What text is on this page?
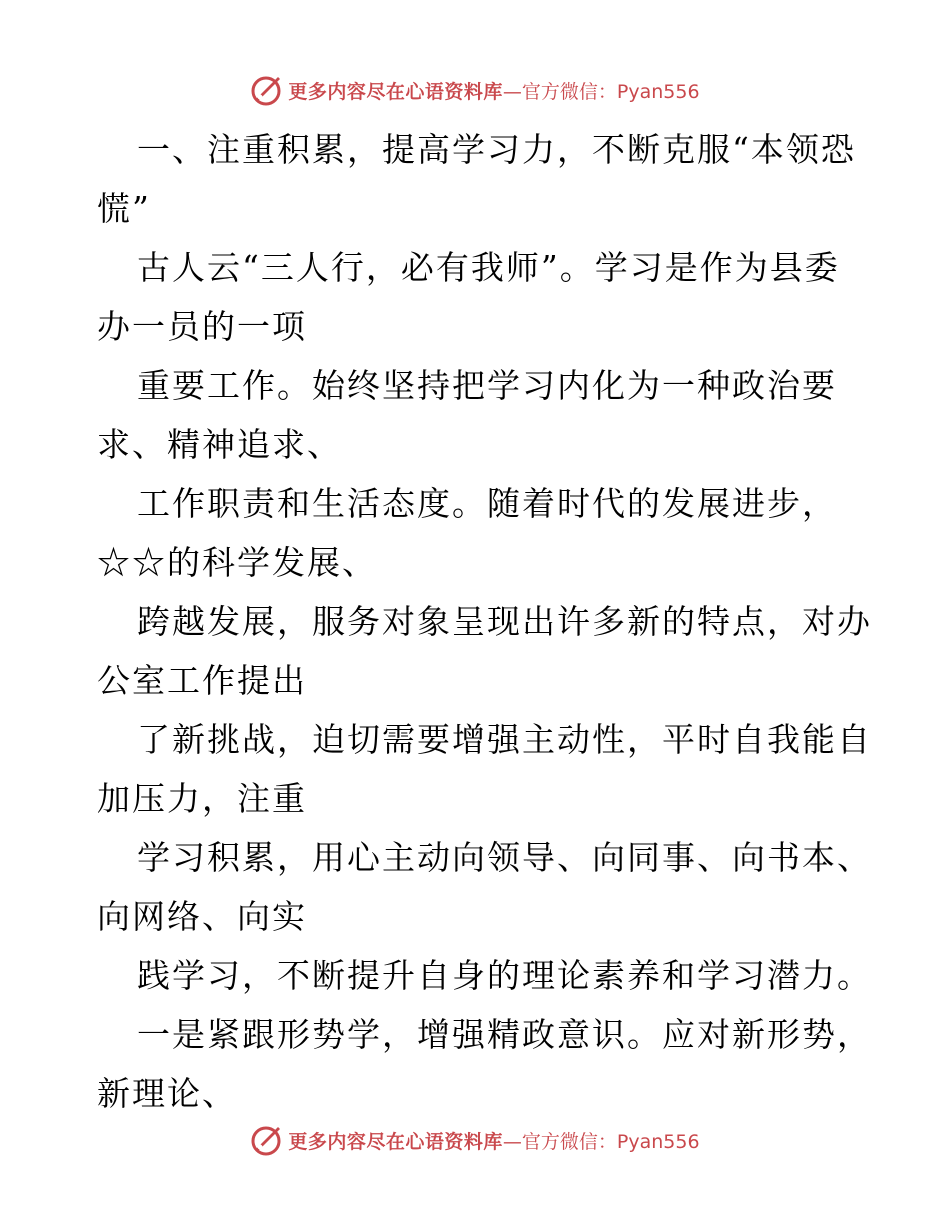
更多内容尽在心语资料库 —官方微信：Pyan556
一、注重积累，提高学习力，不断克服“本领恐
慌”
古人云“三人行，必有我师”。学习是作为县委
办一员的一项
重要工作。始终坚持把学习内化为一种政治要
求、精神追求、
工作职责和生活态度。随着时代的发展进步，
☆☆的科学发展、
跨越发展，服务对象呈现出许多新的特点，对办
公室工作提出
了新挑战，迫切需要增强主动性，平时自我能自
加压力，注重
学习积累，用心主动向领导、向同事、向书本、
向网络、向实
践学习，不断提升自身的理论素养和学习潜力。
一是紧跟形势学，增强精政意识。应对新形势，
新理论、
更多内容尽在心语资料库 —官方微信：Pyan556
